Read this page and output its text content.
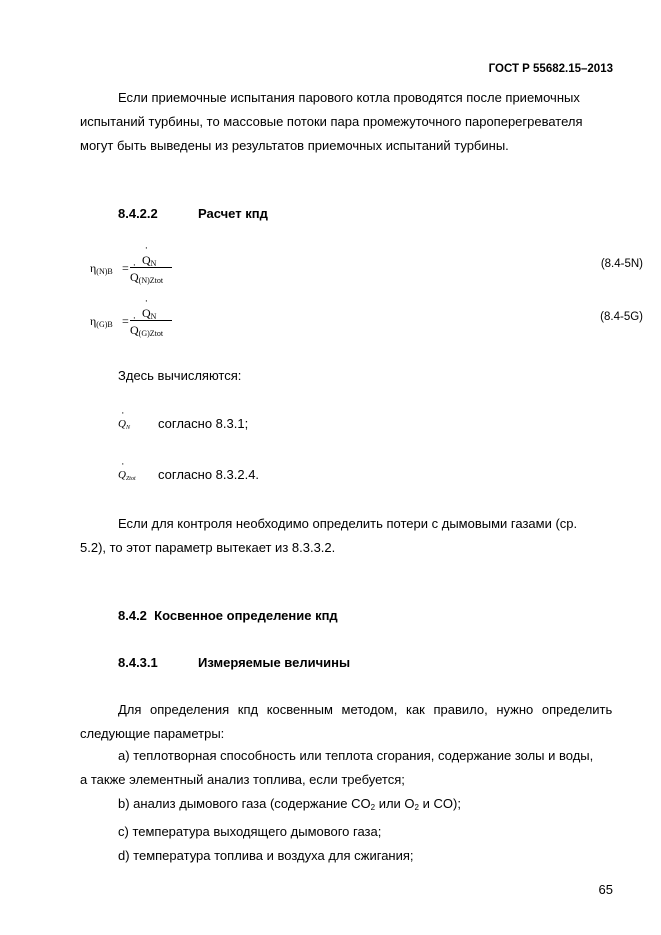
ГОСТ Р 55682.15–2013
Если приемочные испытания парового котла проводятся после приемочных
испытаний турбины, то массовые потоки пара промежуточного пароперегревателя
могут быть выведены из результатов приемочных испытаний турбины.
8.4.2.2	Расчет кпд
$\eta_{(N)B}$ =
˙ $Q_N$
˙ $Q_{(N)Ztot}$
(8.4-5N)
$\eta_{(G)B}$ =
˙ $Q_N$
˙ $Q_{(G)Ztot}$
(8.4-5G)
Здесь вычисляются:
˙ $Q_N$ согласно 8.3.1;
˙ $Q_{Ztot}$ согласно 8.3.2.4.
Если для контроля необходимо определить потери с дымовыми газами (ср.
5.2), то этот параметр вытекает из 8.3.3.2.
8.4.2 Косвенное определение кпд
8.4.3.1	Измеряемые величины
Для определения кпд косвенным методом, как правило, нужно определить
следующие параметры:
a) теплотворная способность или теплота сгорания, содержание золы и воды,
а также элементный анализ топлива, если требуется;
b) анализ дымового газа (содержание $CO_2$ или $O_2$ и CO);
c) температура выходящего дымового газа;
d) температура топлива и воздуха для сжигания;
65
